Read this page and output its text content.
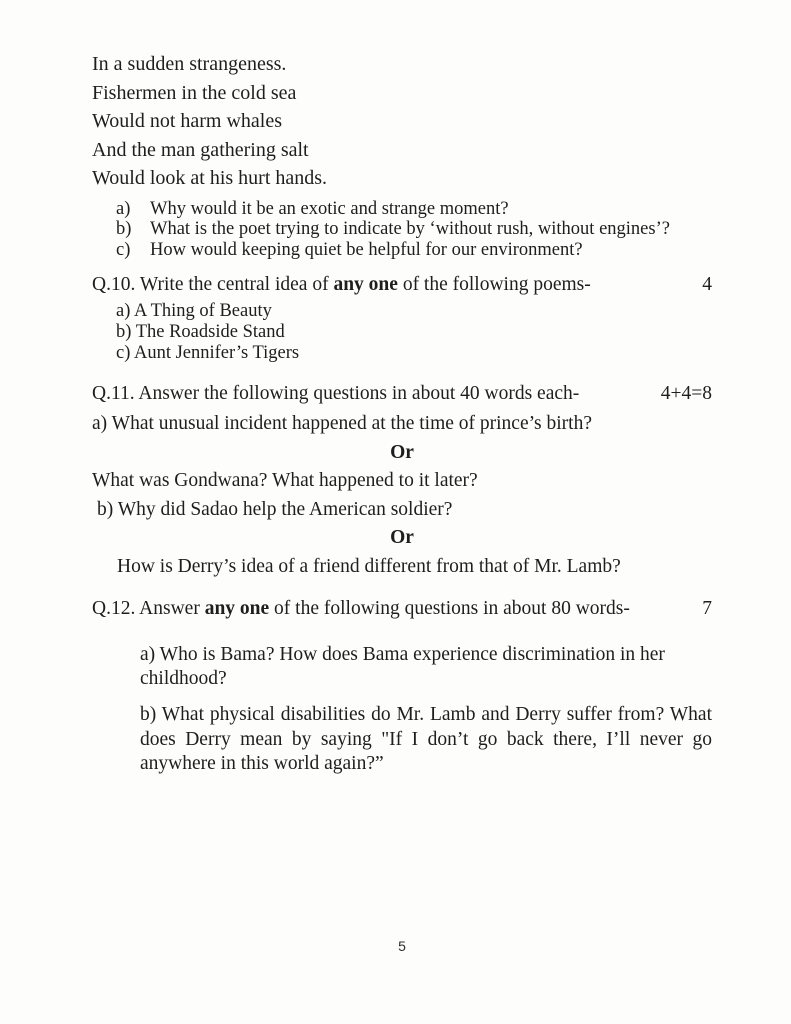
In a sudden strangeness.

Fishermen in the cold sea

Would not harm whales

And the man gathering salt

Would look at his hurt hands.

a)	Why would it be an exotic and strange moment?
b)	What is the poet trying to indicate by ‘without rush, without engines’?
c)	How would keeping quiet be helpful for our environment?
Q.10. Write the central idea of any one of the following poems-	4

a) A Thing of Beauty

b) The Roadside Stand

c) Aunt Jennifer’s Tigers

Q.11. Answer the following questions in about 40 words each-	4+4=8

a) What unusual incident happened at the time of prince’s birth?

Or

What was Gondwana? What happened to it later?

b) Why did Sadao help the American soldier?

Or

How is Derry’s idea of a friend different from that of Mr. Lamb?

Q.12. Answer any one of the following questions in about 80 words-	7

a) Who is Bama? How does Bama experience discrimination in her childhood?

b) What physical disabilities do Mr. Lamb and Derry suffer from? What does Derry mean by saying "If I don’t go back there, I’ll never go anywhere in this world again?”

5
